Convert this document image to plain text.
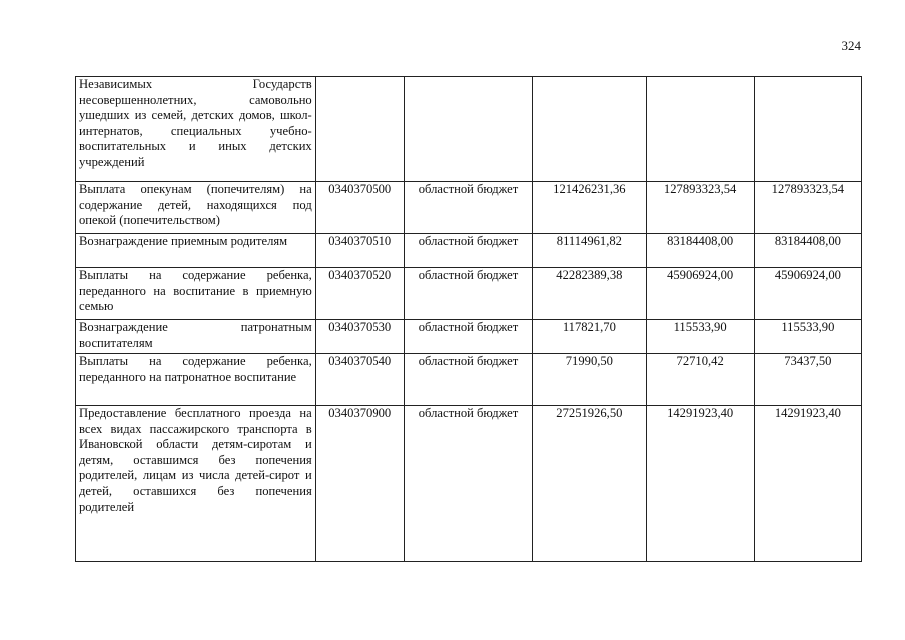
324
Независимых Государств несовершеннолетних, самовольно ушедших из семей, детских домов, школ-интернатов, специальных учебно-воспитательных и иных детских учреждений					
Выплата опекунам (попечителям) на содержание детей, находящихся под опекой (попечительством)	0340370500	областной бюджет	121426231,36	127893323,54	127893323,54
Вознаграждение приемным родителям	0340370510	областной бюджет	81114961,82	83184408,00	83184408,00
Выплаты на содержание ребенка, переданного на воспитание в приемную семью	0340370520	областной бюджет	42282389,38	45906924,00	45906924,00
Вознаграждение патронатным воспитателям	0340370530	областной бюджет	117821,70	115533,90	115533,90
Выплаты на содержание ребенка, переданного на патронатное воспитание	0340370540	областной бюджет	71990,50	72710,42	73437,50
Предоставление бесплатного проезда на всех видах пассажирского транспорта в Ивановской области детям-сиротам и детям, оставшимся без попечения родителей, лицам из числа детей-сирот и детей, оставшихся без попечения родителей	0340370900	областной бюджет	27251926,50	14291923,40	14291923,40
